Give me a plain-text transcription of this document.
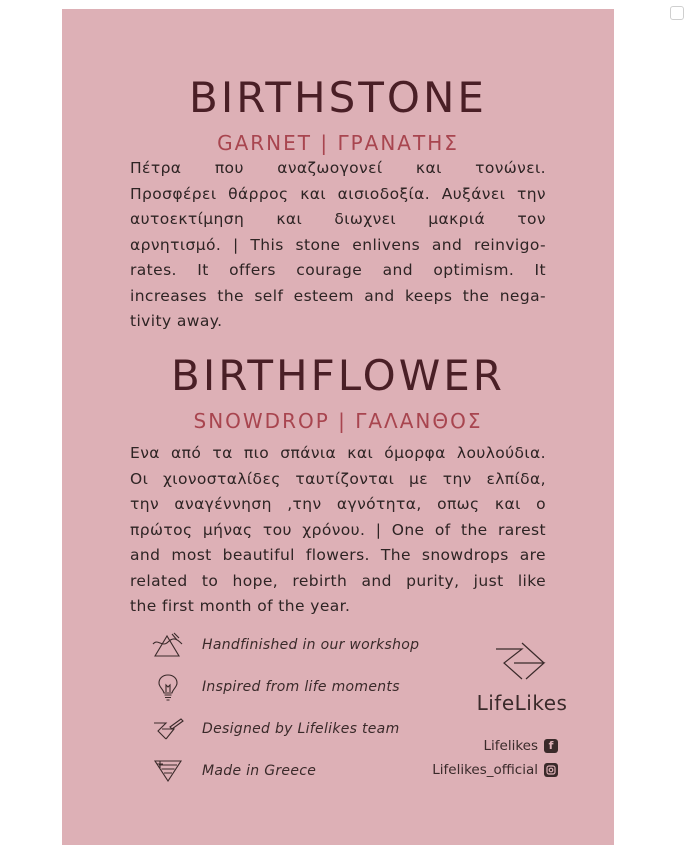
BIRTHSTONE
GARNET | ΓΡΑΝΑΤΗΣ
Πέτρα που αναζωογονεί και τονώνει.
Προσφέρει θάρρος και αισιοδοξία. Αυξάνει την
αυτοεκτίμηση και διωχνει μακριά τον
αρνητισμό. | This stone enlivens and reinvigo-
rates. It offers courage and optimism. It
increases the self esteem and keeps the nega-
tivity away.
BIRTHFLOWER
SNOWDROP | ΓΑΛΑΝΘΟΣ
Ενα από τα πιο σπάνια και όμορφα λουλούδια.
Οι χιονοσταλίδες ταυτίζονται με την ελπίδα,
την αναγέννηση ,την αγνότητα, οπως και ο
πρώτος μήνας του χρόνου. | One of the rarest
and most beautiful flowers. The snowdrops are
related to hope, rebirth and purity, just like
the first month of the year.
Handfinished in our workshop
Inspired from life moments
Designed by Lifelikes team
Made in Greece
LifeLikes
Lifelikes f
Lifelikes_official
